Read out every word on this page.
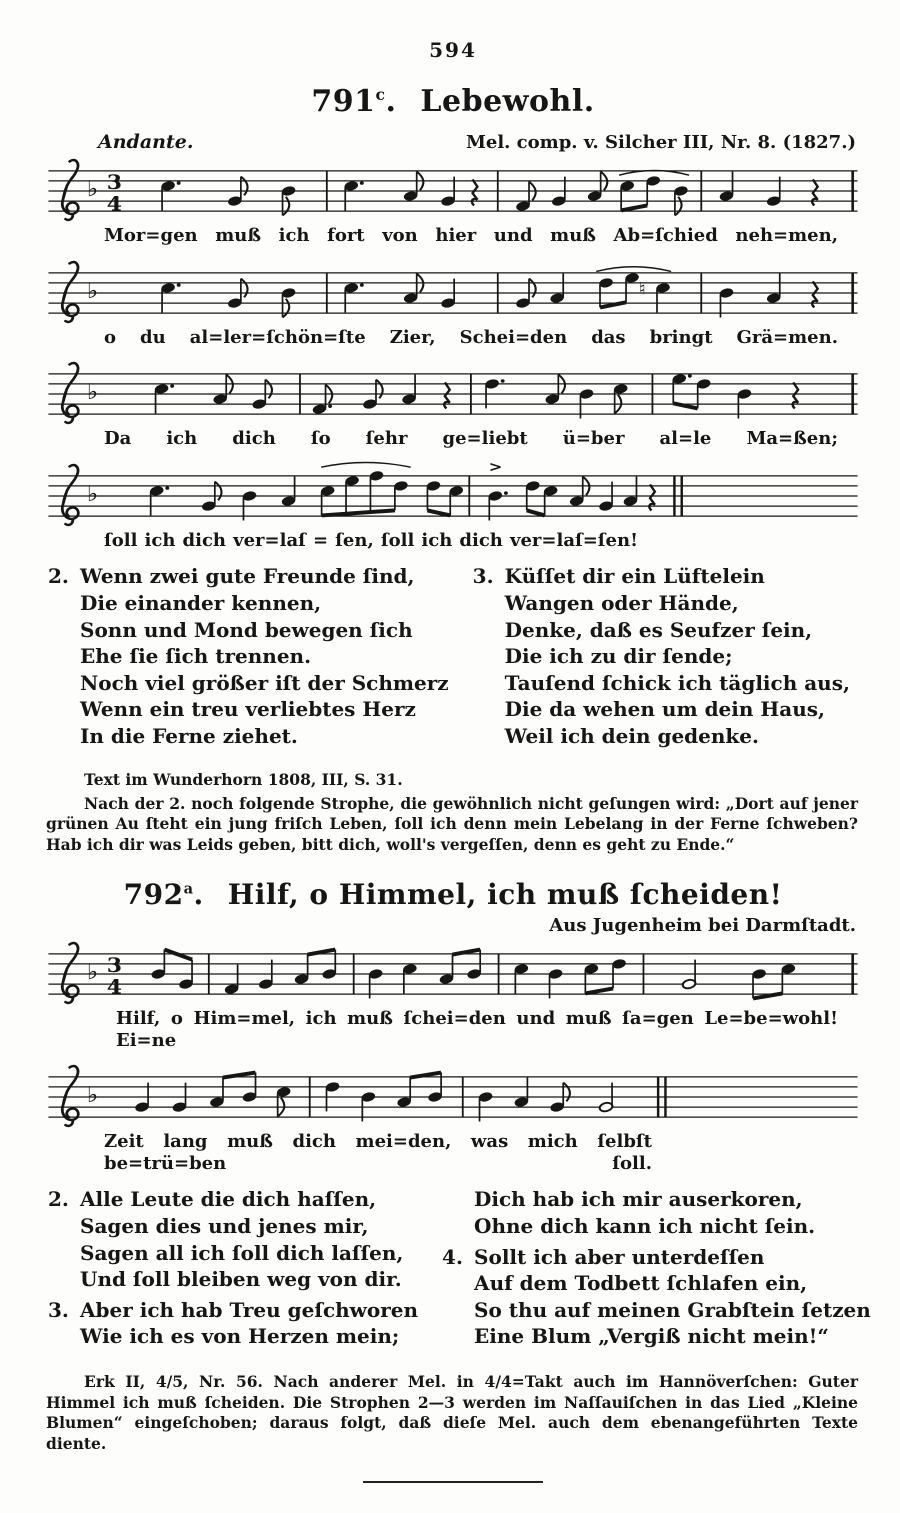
594
791$^c$. Lebewohl.
Andante.	Mel. comp. v. Silcher III, Nr. 8. (1827.)
♭ 3
4
Mor=gen muß ich fort von hier und muß Ab=ſchied neh=men,
♭	♮
o du al=ler=ſchön=ſte Zier, Schei=den das bringt Grä=men.
♭
Da ich dich ſo ſehr ge=liebt ü=ber al=le Ma=ßen;
♭
>
ſoll ich dich ver=laſ = ſen, ſoll ich dich ver=laſ=ſen!
2. Wenn zwei gute Freunde ſind,
Die einander kennen,
Sonn und Mond bewegen ſich
Ehe ſie ſich trennen.
Noch viel größer iſt der Schmerz
Wenn ein treu verliebtes Herz
In die Ferne ziehet.
3. Küſſet dir ein Lüftelein
Wangen oder Hände,
Denke, daß es Seufzer ſein,
Die ich zu dir ſende;
Tauſend ſchick ich täglich aus,
Die da wehen um dein Haus,
Weil ich dein gedenke.

Text im Wunderhorn 1808, III, S. 31.

Nach der 2. noch folgende Strophe, die gewöhnlich nicht geſungen wird: „Dort auf jener grünen Au ſteht ein jung friſch Leben, ſoll ich denn mein Lebelang in der Ferne ſchweben? Hab ich dir was Leids geben, bitt dich, woll's vergeſſen, denn es geht zu Ende.“

792$^a$. Hilf, o Himmel, ich muß ſcheiden!
Aus Jugenheim bei Darmſtadt.
♭ 3
4
Hilf, o Him=mel, ich muß ſchei=den und muß ſa=gen Le=be=wohl! Ei=ne
♭
Zeit lang muß dich mei=den, was mich ſelbſt be=trü=ben ſoll.
2. Alle Leute die dich haſſen,
Sagen dies und jenes mir,
Sagen all ich ſoll dich laſſen,
Und ſoll bleiben weg von dir.
3. Aber ich hab Treu geſchworen
Wie ich es von Herzen mein;
Dich hab ich mir auserkoren,
Ohne dich kann ich nicht ſein.
4. Sollt ich aber unterdeſſen
Auf dem Todbett ſchlafen ein,
So thu auf meinen Grabſtein ſetzen
Eine Blum „Vergiß nicht mein!“

Erk II, 4/5, Nr. 56. Nach anderer Mel. in 4/4=Takt auch im Hannöverſchen: Guter Himmel ich muß ſcheiden. Die Strophen 2—3 werden im Naſſauiſchen in das Lied „Kleine Blumen“ eingeſchoben; daraus folgt, daß dieſe Mel. auch dem ebenangeführten Texte diente.
